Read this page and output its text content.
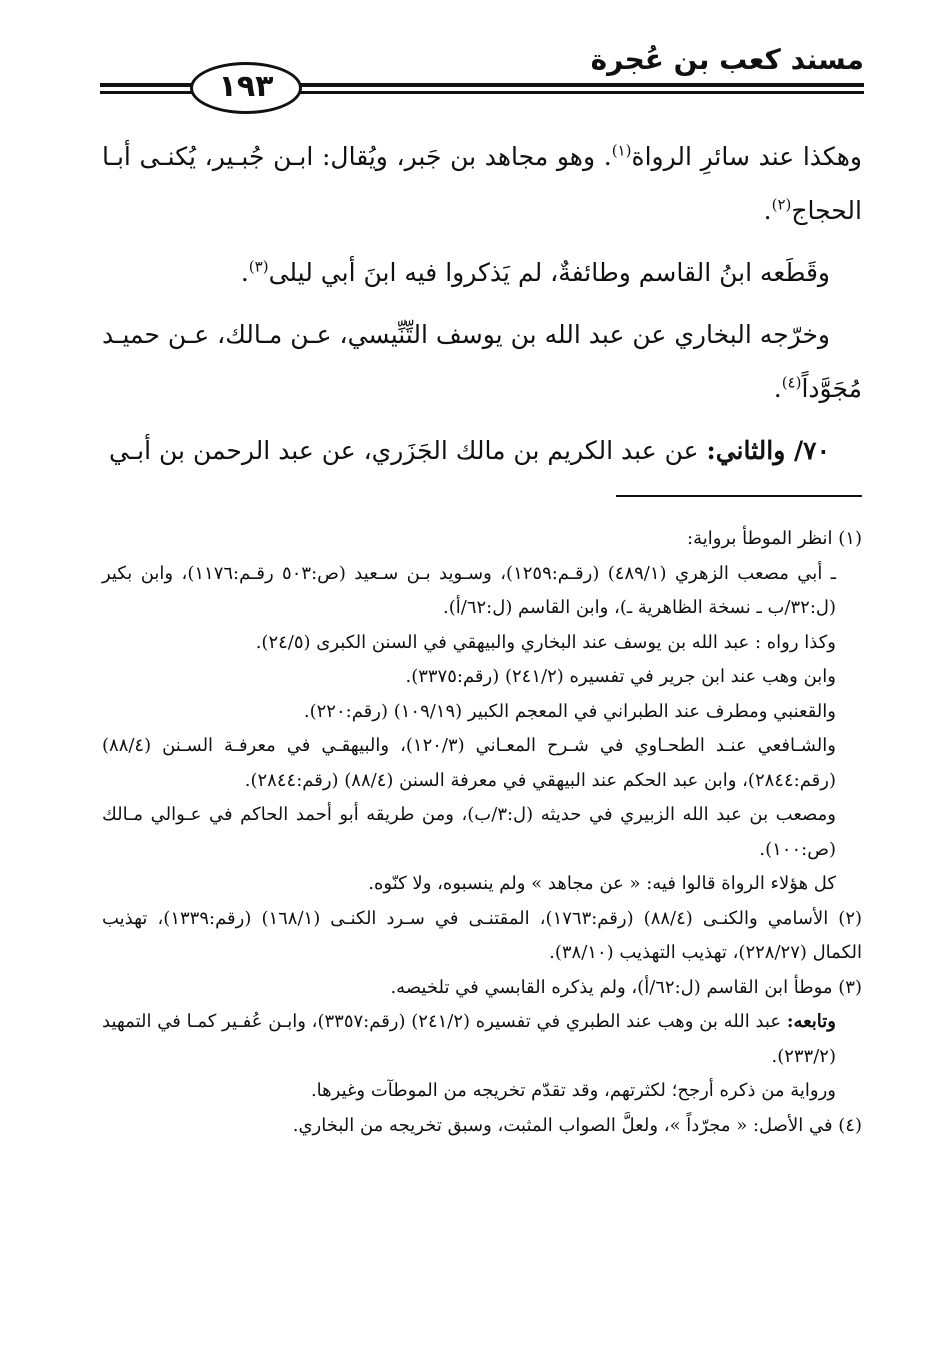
مسند كعب بن عُجرة
١٩٣

وهكذا عند سائرِ الرواة$^{(١)}$. وهو مجاهد بن جَبر، ويُقال: ابـن جُبـير، يُكنـى أبـا الحجاج$^{(٢)}$.

وقَطَعه ابنُ القاسم وطائفةٌ، لم يَذكروا فيه ابنَ أبي ليلى$^{(٣)}$.

وخرّجه البخاري عن عبد الله بن يوسف التِّنِّيسي، عـن مـالك، عـن حميـد مُجَوَّداً$^{(٤)}$.

٧٠/ والثاني: عن عبد الكريم بن مالك الجَزَري، عن عبد الرحمن بن أبـي

(١) انظر الموطأ برواية:

ـ أبي مصعب الزهري (٤٨٩/١) (رقـم:١٢٥٩)، وسـويد بـن سـعيد (ص:٥٠٣ رقـم:١١٧٦)، وابن بكير (ل:٣٢/ب ـ نسخة الظاهرية ـ)، وابن القاسم (ل:٦٢/أ).

وكذا رواه : عبد الله بن يوسف عند البخاري والبيهقي في السنن الكبرى (٢٤/٥).

وابن وهب عند ابن جرير في تفسيره (٢٤١/٢) (رقم:٣٣٧٥).

والقعنبي ومطرف عند الطبراني في المعجم الكبير (١٠٩/١٩) (رقم:٢٢٠).

والشـافعي عنـد الطحـاوي في شـرح المعـاني (١٢٠/٣)، والبيهقـي في معرفـة السـنن (٨٨/٤) (رقم:٢٨٤٤)، وابن عبد الحكم عند البيهقي في معرفة السنن (٨٨/٤) (رقم:٢٨٤٤).

ومصعب بن عبد الله الزبيري في حديثه (ل:٣/ب)، ومن طريقه أبو أحمد الحاكم في عـوالي مـالك (ص:١٠٠).

كل هؤلاء الرواة قالوا فيه: « عن مجاهد » ولم ينسبوه، ولا كنّوه.

(٢) الأسامي والكنـى (٨٨/٤) (رقم:١٧٦٣)، المقتنـى في سـرد الكنـى (١٦٨/١) (رقم:١٣٣٩)، تهذيب الكمال (٢٢٨/٢٧)، تهذيب التهذيب (٣٨/١٠).

(٣) موطأ ابن القاسم (ل:٦٢/أ)، ولم يذكره القابسي في تلخيصه.

وتابعه: عبد الله بن وهب عند الطبري في تفسيره (٢٤١/٢) (رقم:٣٣٥٧)، وابـن عُفـير كمـا في التمهيد (٢٣٣/٢).

ورواية من ذكره أرجح؛ لكثرتهم، وقد تقدّم تخريجه من الموطآت وغيرها.

(٤) في الأصل: « مجرّداً »، ولعلَّ الصواب المثبت، وسبق تخريجه من البخاري.
